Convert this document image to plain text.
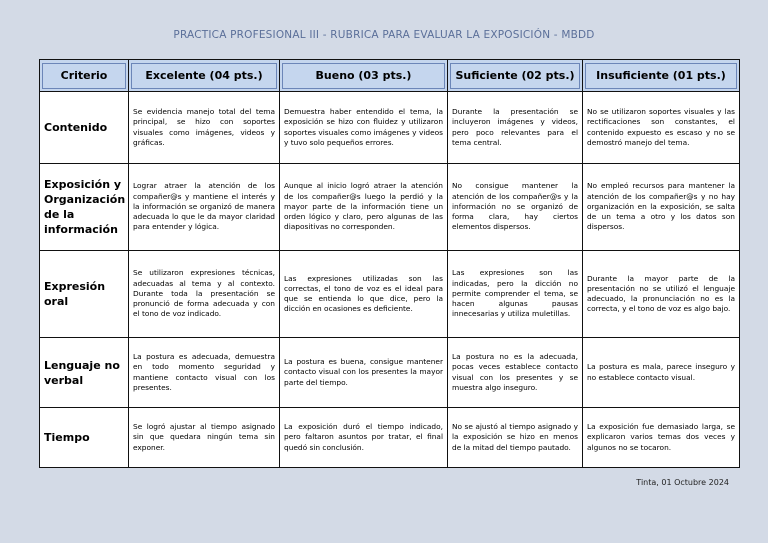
PRACTICA PROFESIONAL III - RUBRICA PARA EVALUAR LA EXPOSICIÓN - MBDD
Criterio	Excelente (04 pts.)	Bueno (03 pts.)	Suficiente (02 pts.)	Insuficiente (01 pts.)

Contenido	Se evidencia manejo total del tema principal, se hizo con soportes visuales como imágenes, videos y gráficas.	Demuestra haber entendido el tema, la exposición se hizo con fluidez y utilizaron soportes visuales como imágenes y videos y tuvo solo pequeños errores.	Durante la presentación se incluyeron imágenes y videos, pero poco relevantes para el tema central.	No se utilizaron soportes visuales y las rectificaciones son constantes, el contenido expuesto es escaso y no se demostró manejo del tema.

Exposición y Organización de la información	Lograr atraer la atención de los compañer@s y mantiene el interés y la información se organizó de manera adecuada lo que le da mayor claridad para entender y lógica.	Aunque al inicio logró atraer la atención de los compañer@s luego la perdió y la mayor parte de la información tiene un orden lógico y claro, pero algunas de las diapositivas no corresponden.	No consigue mantener la atención de los compañer@s y la información no se organizó de forma clara, hay ciertos elementos dispersos.	No empleó recursos para mantener la atención de los compañer@s y no hay organización en la exposición, se salta de un tema a otro y los datos son dispersos.

Expresión oral	Se utilizaron expresiones técnicas, adecuadas al tema y al contexto. Durante toda la presentación se pronunció de forma adecuada y con el tono de voz indicado.	Las expresiones utilizadas son las correctas, el tono de voz es el ideal para que se entienda lo que dice, pero la dicción en ocasiones es deficiente.	Las expresiones son las indicadas, pero la dicción no permite comprender el tema, se hacen algunas pausas innecesarias y utiliza muletillas.	Durante la mayor parte de la presentación no se utilizó el lenguaje adecuado, la pronunciación no es la correcta, y el tono de voz es algo bajo.

Lenguaje no verbal	La postura es adecuada, demuestra en todo momento seguridad y mantiene contacto visual con los presentes.	La postura es buena, consigue mantener contacto visual con los presentes la mayor parte del tiempo.	La postura no es la adecuada, pocas veces establece contacto visual con los presentes y se muestra algo inseguro.	La postura es mala, parece inseguro y no establece contacto visual.

Tiempo	Se logró ajustar al tiempo asignado sin que quedara ningún tema sin exponer.	La exposición duró el tiempo indicado, pero faltaron asuntos por tratar, el final quedó sin conclusión.	No se ajustó al tiempo asignado y la exposición se hizo en menos de la mitad del tiempo pautado.	La exposición fue demasiado larga, se explicaron varios temas dos veces y algunos no se tocaron.
Tinta, 01 Octubre 2024
